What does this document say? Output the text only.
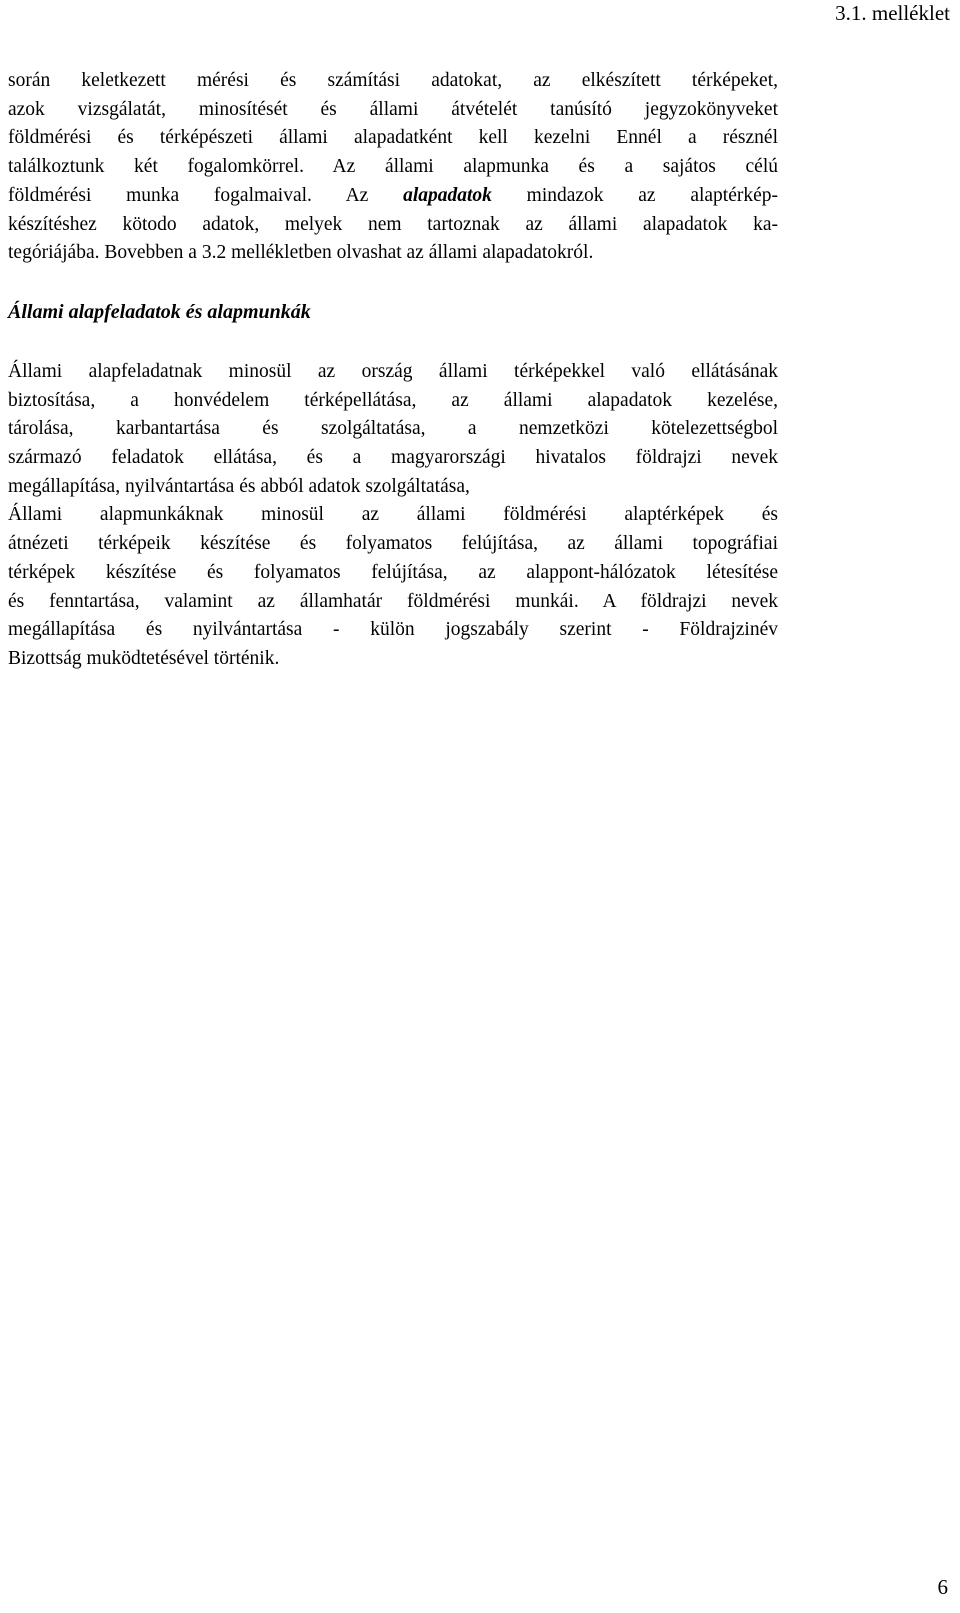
3.1. melléklet
során keletkezett mérési és számítási adatokat, az elkészített térképeket,
azok vizsgálatát, minosítését és állami átvételét tanúsító jegyzokönyveket
földmérési és térképészeti állami alapadatként kell kezelni Ennél a résznél
találkoztunk két fogalomkörrel. Az állami alapmunka és a sajátos célú
földmérési munka fogalmaival. Az alapadatok mindazok az alaptérkép-
készítéshez kötodo adatok, melyek nem tartoznak az állami alapadatok ka-
tegóriájába. Bovebben a 3.2 mellékletben olvashat az állami alapadatokról.
Állami alapfeladatok és alapmunkák
Állami alapfeladatnak minosül az ország állami térképekkel való ellátásának
biztosítása, a honvédelem térképellátása, az állami alapadatok kezelése,
tárolása, karbantartása és szolgáltatása, a nemzetközi kötelezettségbol
származó feladatok ellátása, és a magyarországi hivatalos földrajzi nevek
megállapítása, nyilvántartása és abból adatok szolgáltatása,
Állami alapmunkáknak minosül az állami földmérési alaptérképek és
átnézeti térképeik készítése és folyamatos felújítása, az állami topográfiai
térképek készítése és folyamatos felújítása, az alappont-hálózatok létesítése
és fenntartása, valamint az államhatár földmérési munkái. A földrajzi nevek
megállapítása és nyilvántartása - külön jogszabály szerint - Földrajzinév
Bizottság muködtetésével történik.
6
